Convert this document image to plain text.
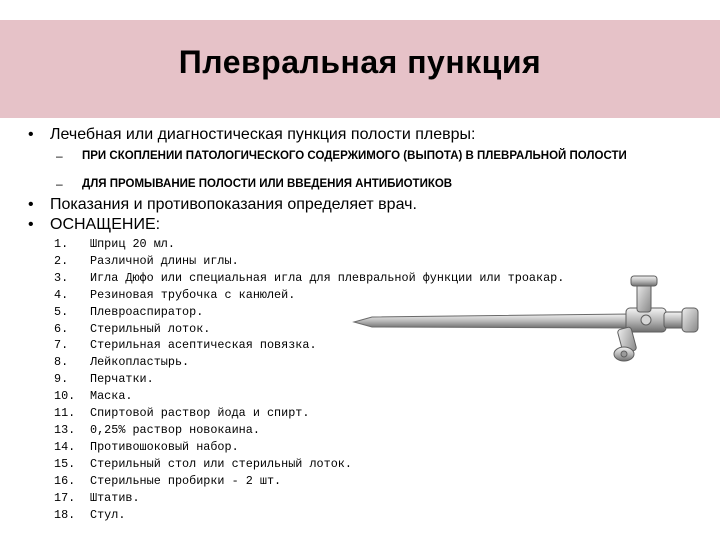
Плевральная пункция
• Лечебная или диагностическая пункция полости плевры:
– ПРИ СКОПЛЕНИИ ПАТОЛОГИЧЕСКОГО СОДЕРЖИМОГО (ВЫПОТА) В ПЛЕВРАЛЬНОЙ ПОЛОСТИ
– ДЛЯ ПРОМЫВАНИЕ ПОЛОСТИ ИЛИ ВВЕДЕНИЯ АНТИБИОТИКОВ
• Показания и противопоказания определяет врач.
• ОСНАЩЕНИЕ:
1. Шприц 20 мл.
2. Различной длины иглы.
3. Игла Дюфо или специальная игла для плевральной функции или троакар.
4. Резиновая трубочка с канюлей.
5. Плевроаспиратор.
6. Стерильный лоток.
7. Стерильная асептическая повязка.
8. Лейкопластырь.
9. Перчатки.
10. Маска.
11. Спиртовой раствор йода и спирт.
13. 0,25% раствор новокаина.
14. Противошоковый набор.
15. Стерильный стол или стерильный лоток.
16. Стерильные пробирки - 2 шт.
17. Штатив.
18. Стул.
